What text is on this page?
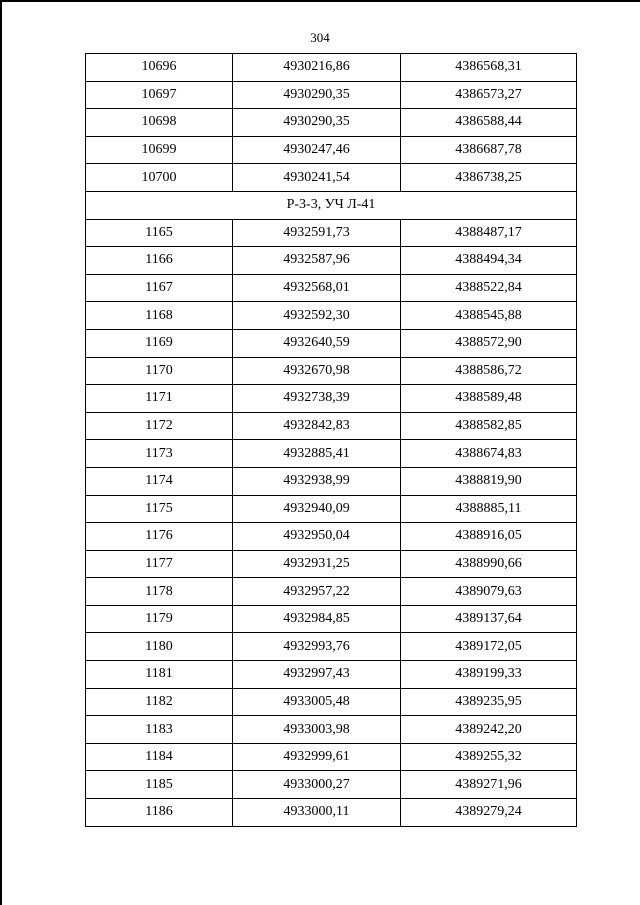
304
10696	4930216,86	4386568,31
10697	4930290,35	4386573,27
10698	4930290,35	4386588,44
10699	4930247,46	4386687,78
10700	4930241,54	4386738,25
Р-3-3, УЧ Л-41		
1165	4932591,73	4388487,17
1166	4932587,96	4388494,34
1167	4932568,01	4388522,84
1168	4932592,30	4388545,88
1169	4932640,59	4388572,90
1170	4932670,98	4388586,72
1171	4932738,39	4388589,48
1172	4932842,83	4388582,85
1173	4932885,41	4388674,83
1174	4932938,99	4388819,90
1175	4932940,09	4388885,11
1176	4932950,04	4388916,05
1177	4932931,25	4388990,66
1178	4932957,22	4389079,63
1179	4932984,85	4389137,64
1180	4932993,76	4389172,05
1181	4932997,43	4389199,33
1182	4933005,48	4389235,95
1183	4933003,98	4389242,20
1184	4932999,61	4389255,32
1185	4933000,27	4389271,96
1186	4933000,11	4389279,24
